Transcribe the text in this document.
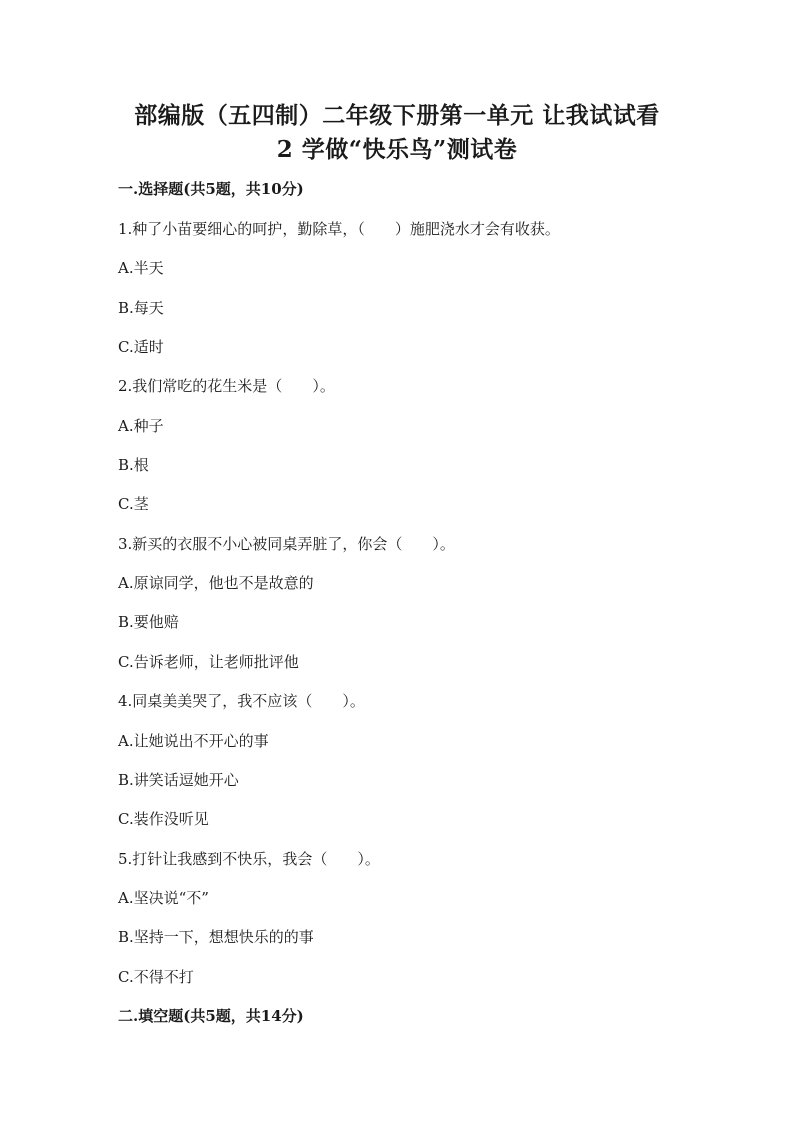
部编版（五四制）二年级下册第一单元 让我试试看
2 学做“快乐鸟”测试卷

一.选择题(共5题，共10分)

1.种了小苗要细心的呵护，勤除草，（　　）施肥浇水才会有收获。

A.半天

B.每天

C.适时

2.我们常吃的花生米是（　　）。

A.种子

B.根

C.茎

3.新买的衣服不小心被同桌弄脏了，你会（　　）。

A.原谅同学，他也不是故意的

B.要他赔

C.告诉老师，让老师批评他

4.同桌美美哭了，我不应该（　　）。

A.让她说出不开心的事

B.讲笑话逗她开心

C.装作没听见

5.打针让我感到不快乐，我会（　　）。

A.坚决说“不”

B.坚持一下，想想快乐的的事

C.不得不打

二.填空题(共5题，共14分)
